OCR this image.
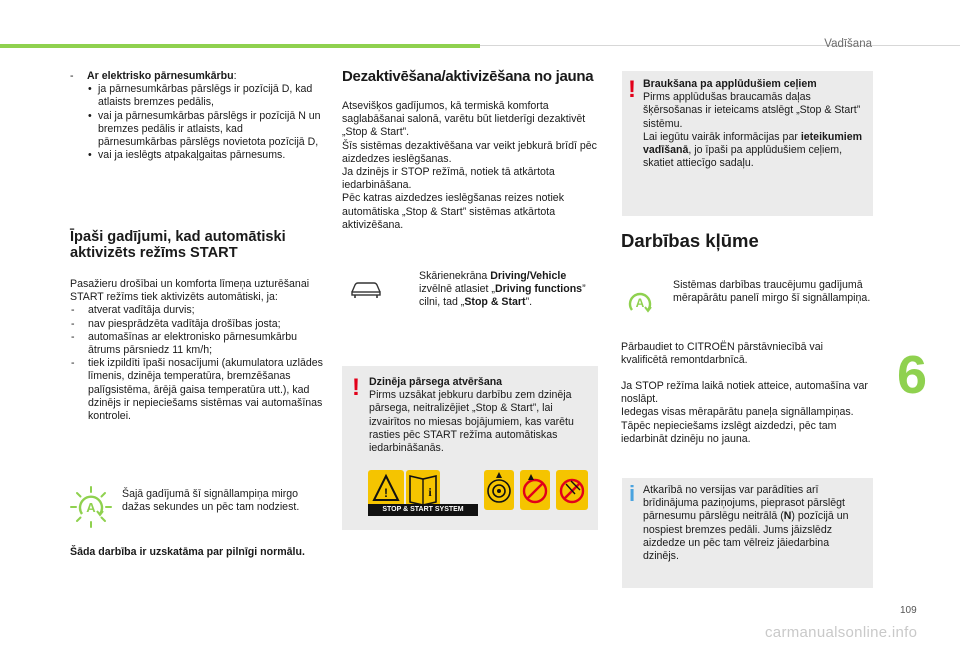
Vadīšana
- Ar elektrisko pārnesumkārbu:
• ja pārnesumkārbas pārslēgs ir pozīcijā D, kad atlaists bremzes pedālis,
• vai ja pārnesumkārbas pārslēgs ir pozīcijā N un bremzes pedālis ir atlaists, kad pārnesumkārbas pārslēgs novietota pozīcijā D,
• vai ja ieslēgts atpakaļgaitas pārnesums.
Īpaši gadījumi, kad automātiski aktivizēts režīms START

Pasažieru drošībai un komforta līmeņa uzturēšanai START režīms tiek aktivizēts automātiski, ja:

- atverat vadītāja durvis;
- nav piesprādzēta vadītāja drošības josta;
- automašīnas ar elektronisko pārnesumkārbu ātrums pārsniedz 11 km/h;
- tiek izpildīti īpaši nosacījumi (akumulatora uzlādes līmenis, dzinēja temperatūra, bremzēšanas palīgsistēma, ārējā gaisa temperatūra utt.), kad dzinējs ir nepieciešams sistēmas vai automašīnas kontrolei.
A
Šajā gadījumā šī signāllampiņa mirgo dažas sekundes un pēc tam nodziest.
Šāda darbība ir uzskatāma par pilnīgi normālu.
Dezaktivēšana/aktivizēšana no jauna

Atsevišķos gadījumos, kā termiskā komforta saglabāšanai salonā, varētu būt lietderīgi dezaktivēt „Stop & Start”.

Šīs sistēmas dezaktivēšana var veikt jebkurā brīdī pēc aizdedzes ieslēgšanas.

Ja dzinējs ir STOP režīmā, notiek tā atkārtota iedarbināšana.

Pēc katras aizdedzes ieslēgšanas reizes notiek automātiska „Stop & Start” sistēmas atkārtota aktivizēšana.

Skārienekrāna Driving/Vehicle izvēlnē atlasiet „Driving functions” cilni, tad „Stop & Start”.
! Dzinēja pārsega atvēršana

Pirms uzsākat jebkuru darbību zem dzinēja pārsega, neitralizējiet „Stop & Start”, lai izvairītos no miesas bojājumiem, kas varētu rasties pēc START režīma automātiskas iedarbināšanās.

!	i
STOP & START SYSTEM
! Braukšana pa applūdušiem ceļiem

Pirms applūdušas braucamās daļas šķērsošanas ir ieteicams atslēgt „Stop & Start” sistēmu.

Lai iegūtu vairāk informācijas par ieteikumiem vadīšanā, jo īpaši pa applūdušiem ceļiem, skatiet attiecīgo sadaļu.

Darbības kļūme
A
Sistēmas darbības traucējumu gadījumā mērapārātu panelī mirgo šī signāllampiņa.
Pārbaudiet to CITROËN pārstāvniecībā vai kvalificētā remontdarbnīcā.

Ja STOP režīma laikā notiek atteice, automašīna var noslāpt.

Iedegas visas mērapārātu paneļa signāllampiņas.

Tāpēc nepieciešams izslēgt aizdedzi, pēc tam iedarbināt dzinēju no jauna.

i Atkarībā no versijas var parādīties arī brīdinājuma paziņojums, pieprasot pārslēgt pārnesumu pārslēgu neitrālā (N) pozīcijā un nospiest bremzes pedāli. Jums jāizslēdz aizdedze un pēc tam vēlreiz jāiedarbina dzinējs.
6
109
carmanualsonline.info
